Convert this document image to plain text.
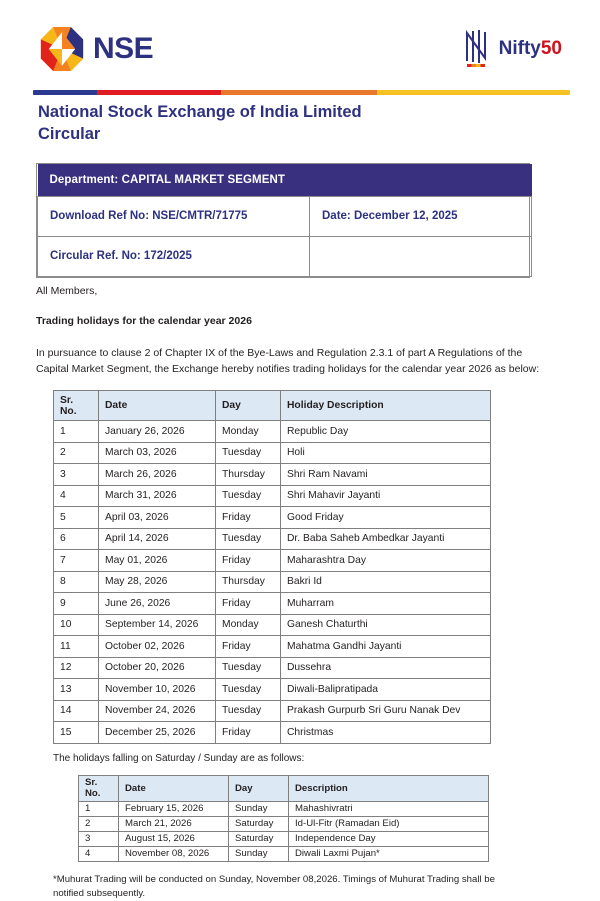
NSE	Nifty50
National Stock Exchange of India Limited
Circular
Department: CAPITAL MARKET SEGMENT	
Download Ref No: NSE/CMTR/71775	Date: December 12, 2025
Circular Ref. No: 172/2025	
All Members,
Trading holidays for the calendar year 2026
In pursuance to clause 2 of Chapter IX of the Bye-Laws and Regulation 2.3.1 of part A Regulations of the Capital Market Segment, the Exchange hereby notifies trading holidays for the calendar year 2026 as below:
Sr. No.	Date	Day	Holiday Description
1	January 26, 2026	Monday	Republic Day
2	March 03, 2026	Tuesday	Holi
3	March 26, 2026	Thursday	Shri Ram Navami
4	March 31, 2026	Tuesday	Shri Mahavir Jayanti
5	April 03, 2026	Friday	Good Friday
6	April 14, 2026	Tuesday	Dr. Baba Saheb Ambedkar Jayanti
7	May 01, 2026	Friday	Maharashtra Day
8	May 28, 2026	Thursday	Bakri Id
9	June 26, 2026	Friday	Muharram
10	September 14, 2026	Monday	Ganesh Chaturthi
11	October 02, 2026	Friday	Mahatma Gandhi Jayanti
12	October 20, 2026	Tuesday	Dussehra
13	November 10, 2026	Tuesday	Diwali-Balipratipada
14	November 24, 2026	Tuesday	Prakash Gurpurb Sri Guru Nanak Dev
15	December 25, 2026	Friday	Christmas
The holidays falling on Saturday / Sunday are as follows:
Sr. No.	Date	Day	Description
1	February 15, 2026	Sunday	Mahashivratri
2	March 21, 2026	Saturday	Id-Ul-Fitr (Ramadan Eid)
3	August 15, 2026	Saturday	Independence Day
4	November 08, 2026	Sunday	Diwali Laxmi Pujan*
*Muhurat Trading will be conducted on Sunday, November 08,2026. Timings of Muhurat Trading shall be notified subsequently.
